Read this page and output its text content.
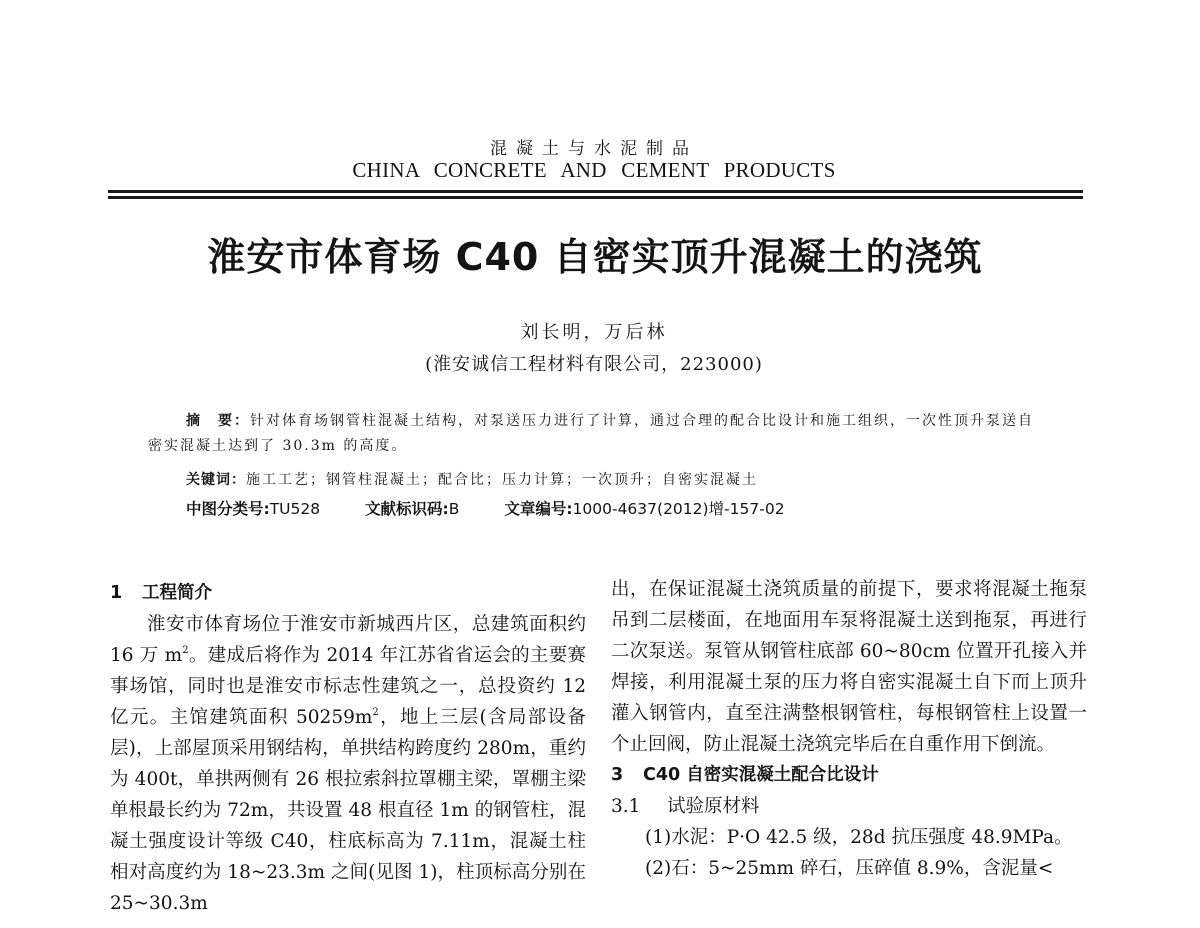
混凝土与水泥制品
CHINA CONCRETE AND CEMENT PRODUCTS
淮安市体育场 C40 自密实顶升混凝土的浇筑
刘长明，万后林
(淮安诚信工程材料有限公司，223000)
摘 要：针对体育场钢管柱混凝土结构，对泵送压力进行了计算，通过合理的配合比设计和施工组织，一次性顶升泵送自密实混凝土达到了 30.3m 的高度。
关键词：施工工艺；钢管柱混凝土；配合比；压力计算；一次顶升；自密实混凝土
中图分类号:TU528	文献标识码:B	文章编号:1000-4637(2012)增-157-02

1 工程简介

淮安市体育场位于淮安市新城西片区，总建筑面积约 16 万 $m^2$。建成后将作为 2014 年江苏省省运会的主要赛事场馆，同时也是淮安市标志性建筑之一，总投资约 12 亿元。主馆建筑面积 $50259m^2$，地上三层(含局部设备层)，上部屋顶采用钢结构，单拱结构跨度约 280m，重约为 400t，单拱两侧有 26 根拉索斜拉罩棚主梁，罩棚主梁单根最长约为 72m，共设置 48 根直径 1m 的钢管柱，混凝土强度设计等级 C40，柱底标高为 7.11m，混凝土柱相对高度约为 18~23.3m 之间(见图 1)，柱顶标高分别在 25~30.3m

出，在保证混凝土浇筑质量的前提下，要求将混凝土拖泵吊到二层楼面，在地面用车泵将混凝土送到拖泵，再进行二次泵送。泵管从钢管柱底部 60~80cm 位置开孔接入并焊接，利用混凝土泵的压力将自密实混凝土自下而上顶升灌入钢管内，直至注满整根钢管柱，每根钢管柱上设置一个止回阀，防止混凝土浇筑完毕后在自重作用下倒流。

3 C40 自密实混凝土配合比设计

3.1 试验原材料

(1)水泥：P·O 42.5 级，28d 抗压强度 48.9MPa。

(2)石：5~25mm 碎石，压碎值 8.9%，含泥量<
